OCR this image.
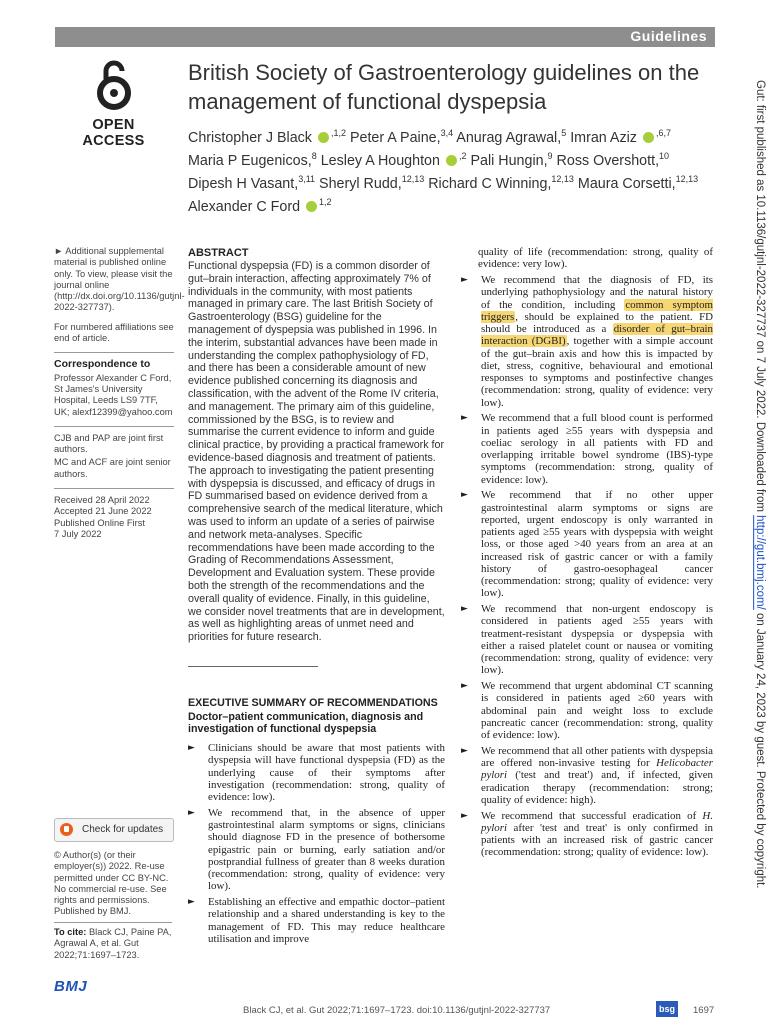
Guidelines
OPEN ACCESS
British Society of Gastroenterology guidelines on the management of functional dyspepsia
Christopher J Black $^{,1,2}$ Peter A Paine,$^{3,4}$ Anurag Agrawal,$^5$ Imran Aziz $^{,6,7}$
Maria P Eugenicos,$^8$ Lesley A Houghton $^{,2}$ Pali Hungin,$^9$ Ross Overshott,$^{10}$
Dipesh H Vasant,$^{3,11}$ Sheryl Rudd,$^{12,13}$ Richard C Winning,$^{12,13}$ Maura Corsetti,$^{12,13}$
Alexander C Ford $^{1,2}$

► Additional supplemental material is published online only. To view, please visit the journal online (http://dx.doi.org/10.1136/gutjnl-2022-327737).

For numbered affiliations see end of article.

Correspondence to

Professor Alexander C Ford, St James's University Hospital, Leeds LS9 7TF, UK; alexf12399@yahoo.com

CJB and PAP are joint first authors.

MC and ACF are joint senior authors.

Received 28 April 2022
Accepted 21 June 2022
Published Online First
7 July 2022

Check for updates

© Author(s) (or their employer(s)) 2022. Re-use permitted under CC BY-NC. No commercial re-use. See rights and permissions. Published by BMJ.

To cite: Black CJ, Paine PA, Agrawal A, et al. Gut 2022;71:1697–1723.
ABSTRACT

Functional dyspepsia (FD) is a common disorder of gut–brain interaction, affecting approximately 7% of individuals in the community, with most patients managed in primary care. The last British Society of Gastroenterology (BSG) guideline for the management of dyspepsia was published in 1996. In the interim, substantial advances have been made in understanding the complex pathophysiology of FD, and there has been a considerable amount of new evidence published concerning its diagnosis and classification, with the advent of the Rome IV criteria, and management. The primary aim of this guideline, commissioned by the BSG, is to review and summarise the current evidence to inform and guide clinical practice, by providing a practical framework for evidence-based diagnosis and treatment of patients. The approach to investigating the patient presenting with dyspepsia is discussed, and efficacy of drugs in FD summarised based on evidence derived from a comprehensive search of the medical literature, which was used to inform an update of a series of pairwise and network meta-analyses. Specific recommendations have been made according to the Grading of Recommendations Assessment, Development and Evaluation system. These provide both the strength of the recommendations and the overall quality of evidence. Finally, in this guideline, we consider novel treatments that are in development, as well as highlighting areas of unmet need and priorities for future research.

EXECUTIVE SUMMARY OF RECOMMENDATIONS
Doctor–patient communication, diagnosis and investigation of functional dyspepsia
► Clinicians should be aware that most patients with dyspepsia will have functional dyspepsia (FD) as the underlying cause of their symptoms after investigation (recommendation: strong, quality of evidence: low).
► We recommend that, in the absence of upper gastrointestinal alarm symptoms or signs, clinicians should diagnose FD in the presence of bothersome epigastric pain or burning, early satiation and/or postprandial fullness of greater than 8 weeks duration (recommendation: strong, quality of evidence: very low).
► Establishing an effective and empathic doctor–patient relationship and a shared understanding is key to the management of FD. This may reduce healthcare utilisation and improve
quality of life (recommendation: strong, quality of evidence: very low).
► We recommend that the diagnosis of FD, its underlying pathophysiology and the natural history of the condition, including common symptom triggers, should be explained to the patient. FD should be introduced as a disorder of gut–brain interaction (DGBI), together with a simple account of the gut–brain axis and how this is impacted by diet, stress, cognitive, behavioural and emotional responses to symptoms and postinfective changes (recommendation: strong, quality of evidence: very low).
► We recommend that a full blood count is performed in patients aged ≥55 years with dyspepsia and coeliac serology in all patients with FD and overlapping irritable bowel syndrome (IBS)-type symptoms (recommendation: strong, quality of evidence: low).
► We recommend that if no other upper gastrointestinal alarm symptoms or signs are reported, urgent endoscopy is only warranted in patients aged ≥55 years with dyspepsia with weight loss, or those aged >40 years from an area at an increased risk of gastric cancer or with a family history of gastro-oesophageal cancer (recommendation: strong; quality of evidence: very low).
► We recommend that non-urgent endoscopy is considered in patients aged ≥55 years with treatment-resistant dyspepsia or dyspepsia with either a raised platelet count or nausea or vomiting (recommendation: strong, quality of evidence: very low).
► We recommend that urgent abdominal CT scanning is considered in patients aged ≥60 years with abdominal pain and weight loss to exclude pancreatic cancer (recommendation: strong, quality of evidence: low).
► We recommend that all other patients with dyspepsia are offered non-invasive testing for Helicobacter pylori ('test and treat') and, if infected, given eradication therapy (recommendation: strong; quality of evidence: high).
► We recommend that successful eradication of H. pylori after 'test and treat' is only confirmed in patients with an increased risk of gastric cancer (recommendation: strong; quality of evidence: low).
Gut: first published as 10.1136/gutjnl-2022-327737 on 7 July 2022. Downloaded from http://gut.bmj.com/ on January 24, 2023 by guest. Protected by copyright.
BMJ
Black CJ, et al. Gut 2022;71:1697–1723. doi:10.1136/gutjnl-2022-327737	bsg	1697
